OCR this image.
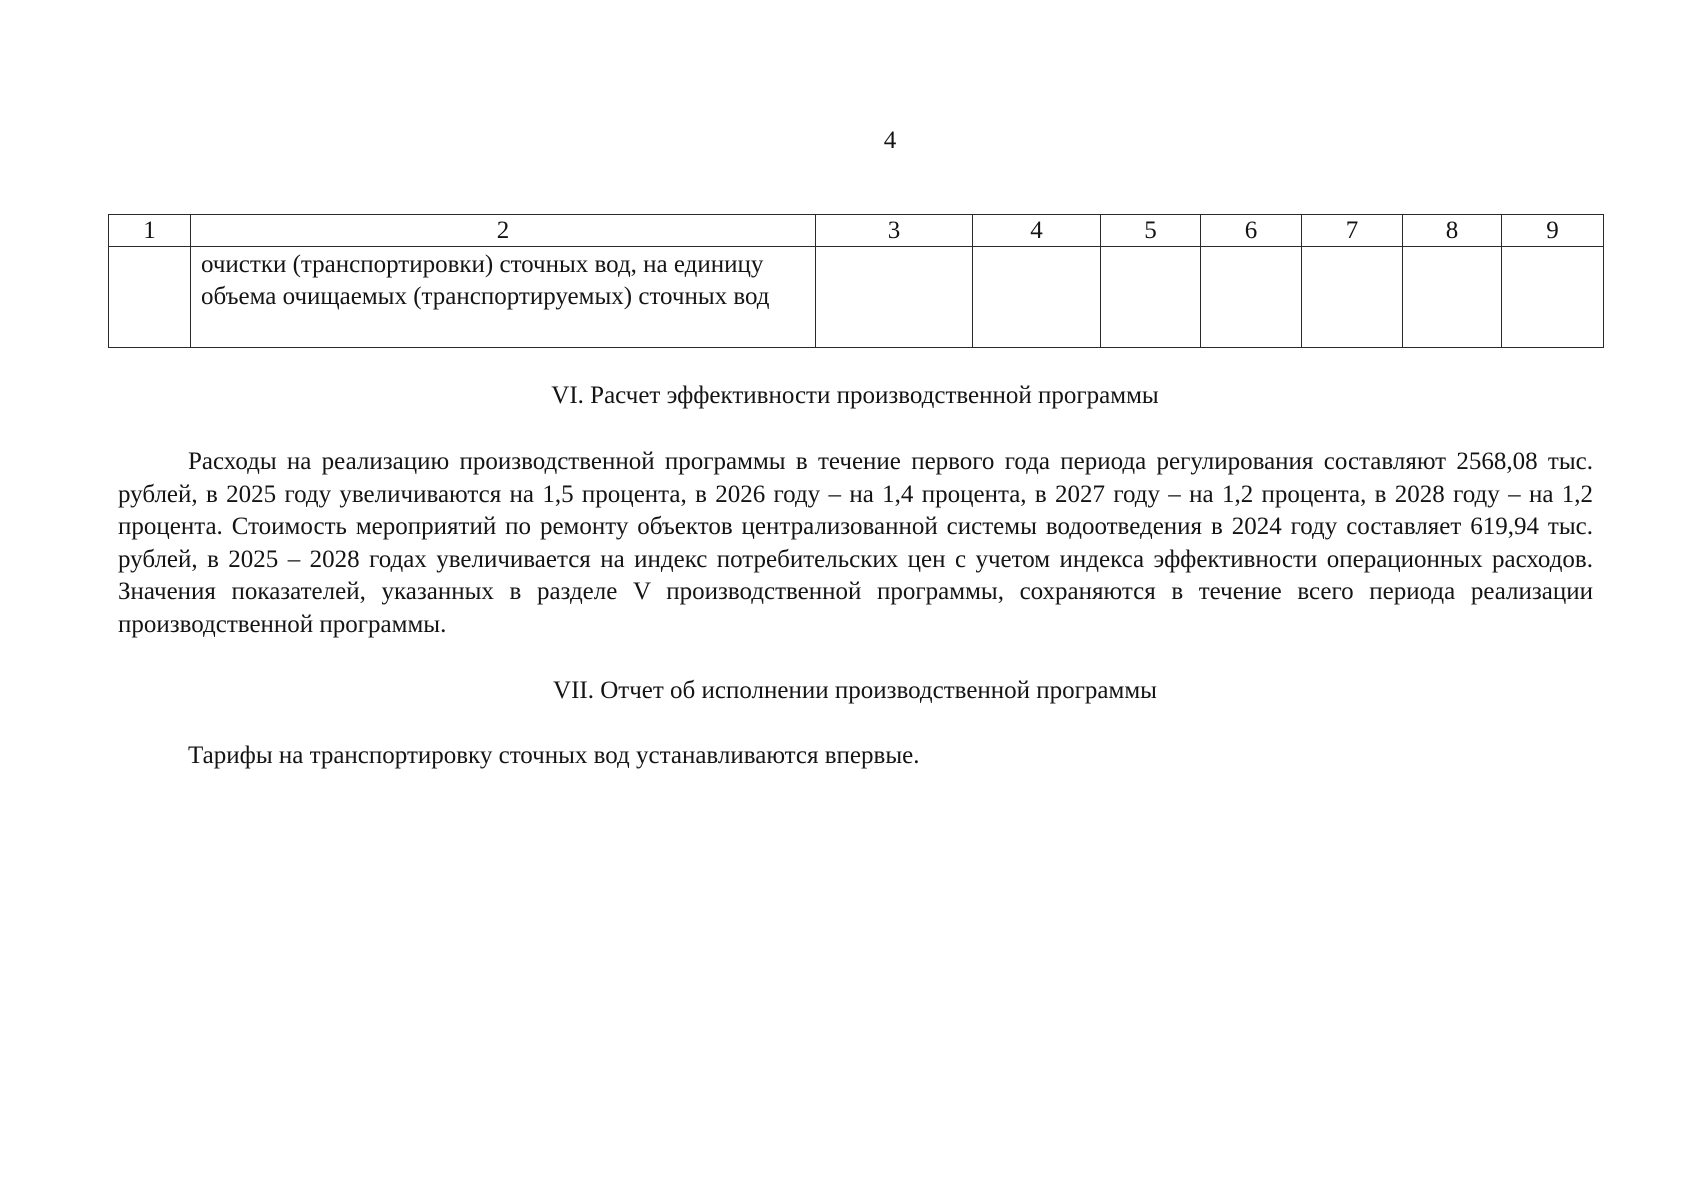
4
1	2	3	4	5	6	7	8	9
	очистки (транспортировки) сточных вод, на единицу объема очищаемых (транспортируемых) сточных вод							
VI. Расчет эффективности производственной программы

Расходы на реализацию производственной программы в течение первого года периода регулирования составляют 2568,08 тыс. рублей, в 2025 году увеличиваются на 1,5 процента, в 2026 году – на 1,4 процента, в 2027 году – на 1,2 процента, в 2028 году – на 1,2 процента. Стоимость мероприятий по ремонту объектов централизованной системы водоотведения в 2024 году составляет 619,94 тыс. рублей, в 2025 – 2028 годах увеличивается на индекс потребительских цен с учетом индекса эффективности операционных расходов. Значения показателей, указанных в разделе V производственной программы, сохраняются в течение всего периода реализации производственной программы.

VII. Отчет об исполнении производственной программы

Тарифы на транспортировку сточных вод устанавливаются впервые.
